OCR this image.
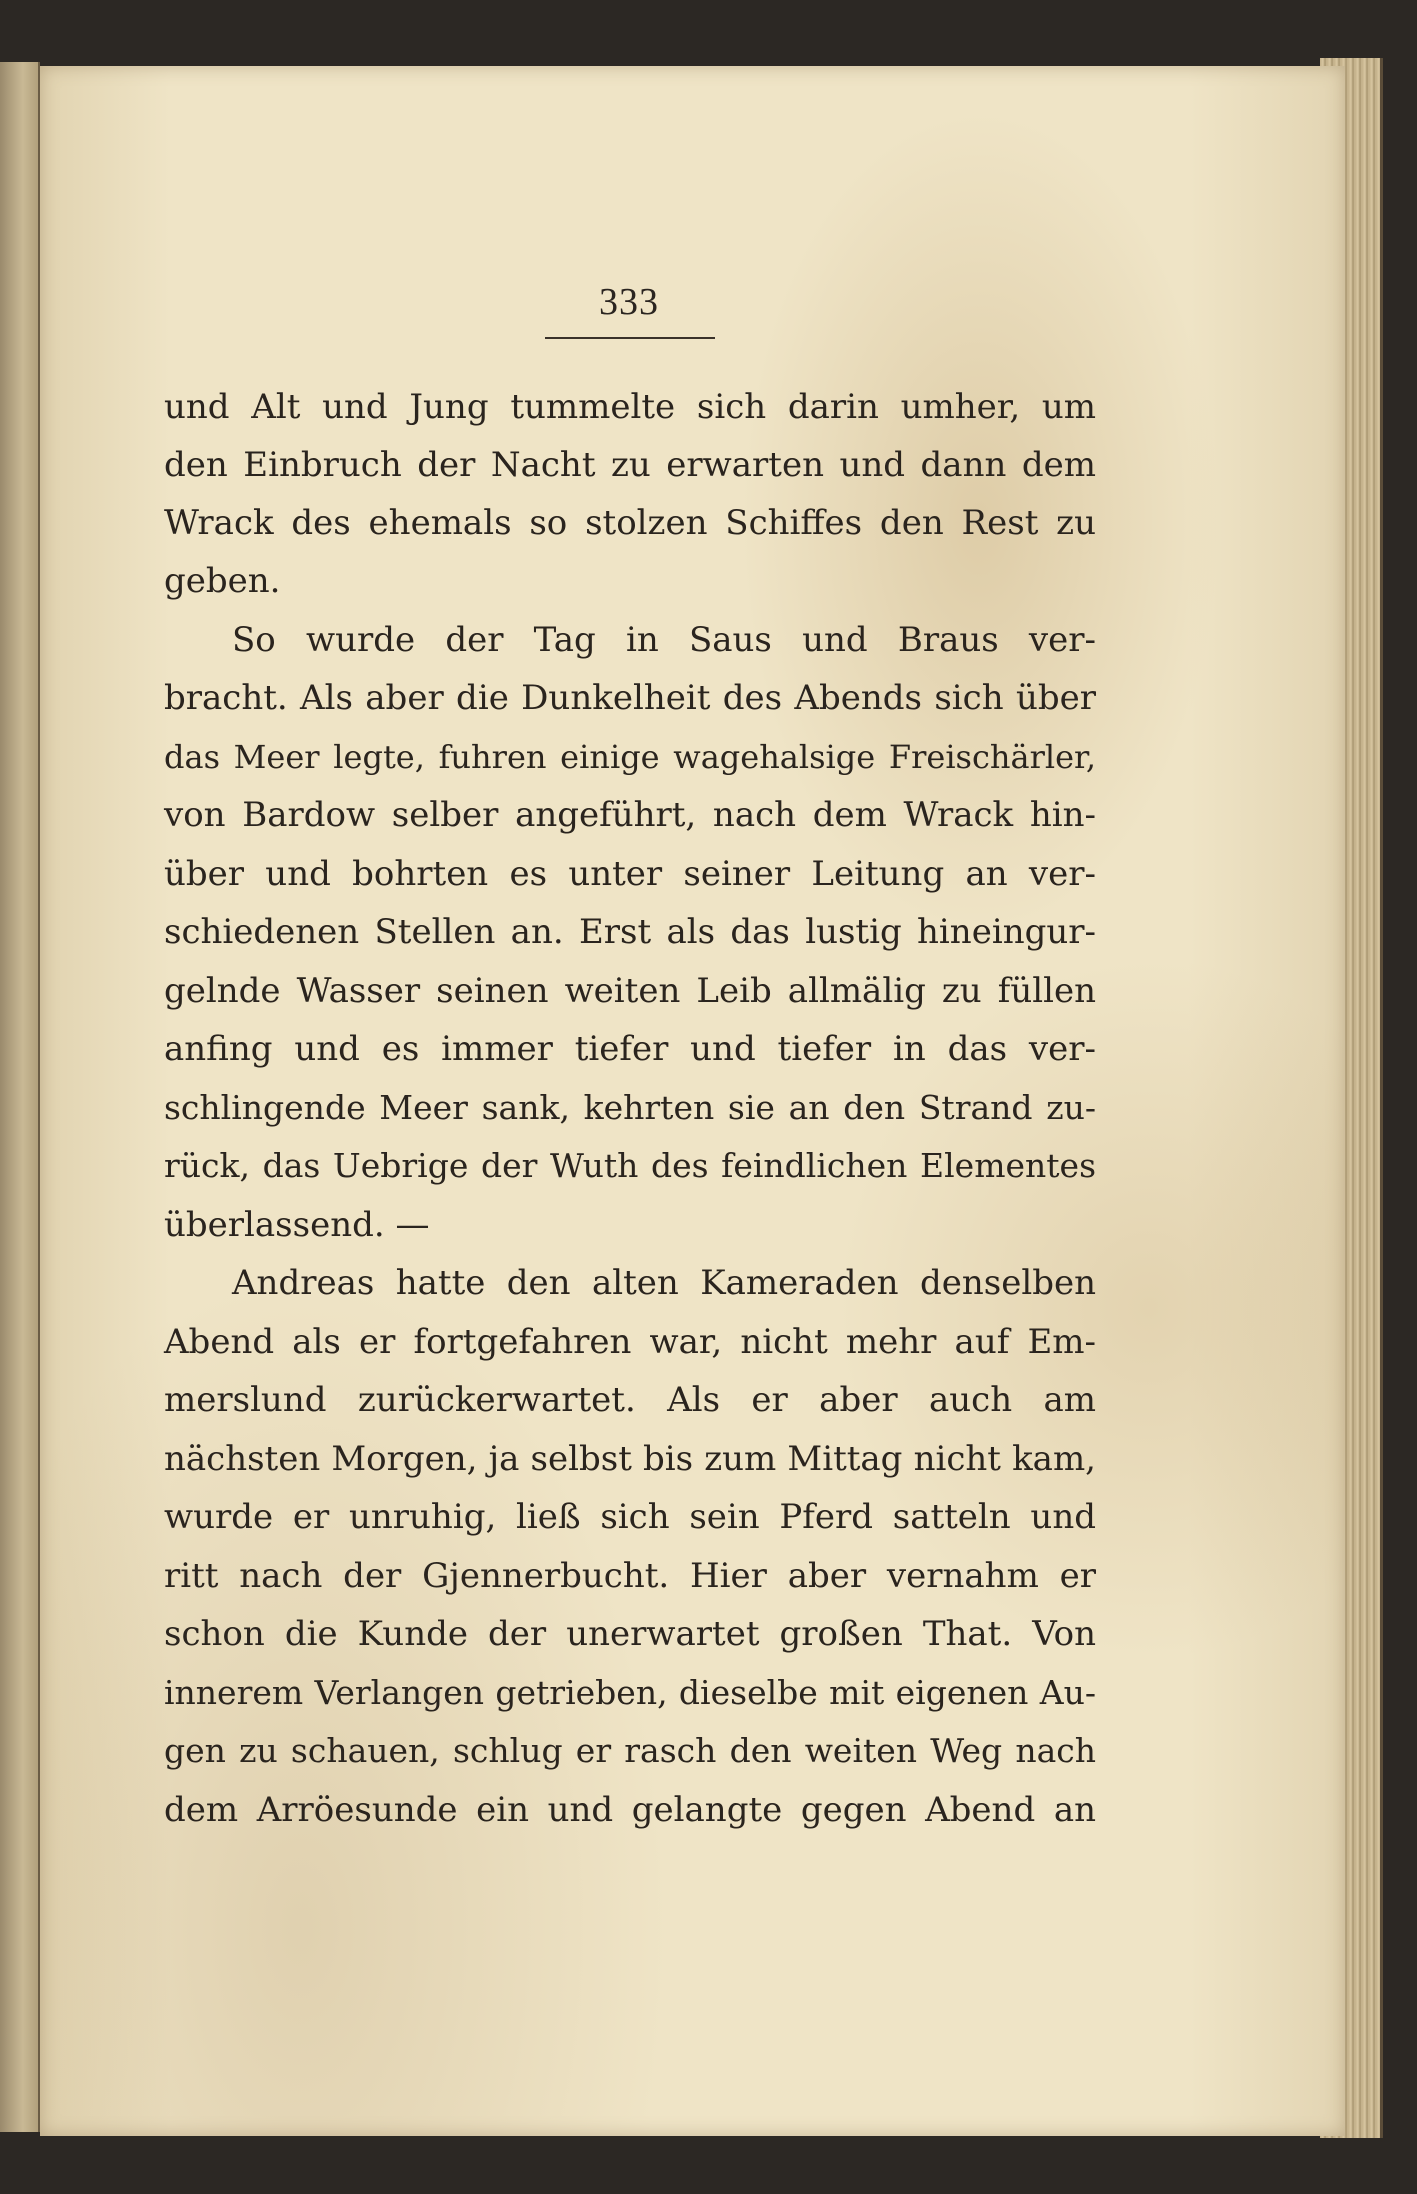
333
und Alt und Jung tummelte sich darin umher, um
den Einbruch der Nacht zu erwarten und dann dem
Wrack des ehemals so stolzen Schiffes den Rest zu
geben.
So wurde der Tag in Saus und Braus ver-
bracht. Als aber die Dunkelheit des Abends sich über
das Meer legte, fuhren einige wagehalsige Freischärler,
von Bardow selber angeführt, nach dem Wrack hin-
über und bohrten es unter seiner Leitung an ver-
schiedenen Stellen an. Erst als das lustig hineingur-
gelnde Wasser seinen weiten Leib allmälig zu füllen
anfing und es immer tiefer und tiefer in das ver-
schlingende Meer sank, kehrten sie an den Strand zu-
rück, das Uebrige der Wuth des feindlichen Elementes
überlassend. —
Andreas hatte den alten Kameraden denselben
Abend als er fortgefahren war, nicht mehr auf Em-
merslund zurückerwartet. Als er aber auch am
nächsten Morgen, ja selbst bis zum Mittag nicht kam,
wurde er unruhig, ließ sich sein Pferd satteln und
ritt nach der Gjennerbucht. Hier aber vernahm er
schon die Kunde der unerwartet großen That. Von
innerem Verlangen getrieben, dieselbe mit eigenen Au-
gen zu schauen, schlug er rasch den weiten Weg nach
dem Arröesunde ein und gelangte gegen Abend an
